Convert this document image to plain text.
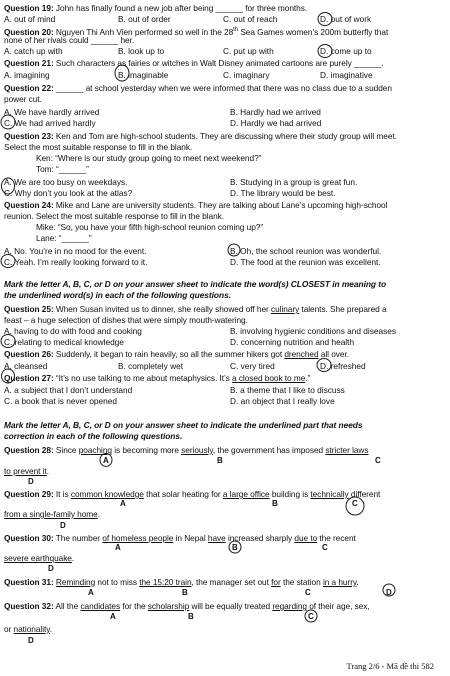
Question 19: John has finally found a new job after being ______ for three months.
A. out of mind	B. out of order	C. out of reach	D. out of work
Question 20: Nguyen Thi Anh Vien performed so well in the 28th Sea Games women’s 200m butterfly that
none of her rivals could ______ her.
A. catch up with	B. look up to	C. put up with	D. come up to
Question 21: Such characters as fairies or witches in Walt Disney animated cartoons are purely ______.
A. imagining	B. imaginable	C. imaginary	D. imaginative
Question 22: ______ at school yesterday when we were informed that there was no class due to a sudden
power cut.
A. We have hardly arrived	B. Hardly had we arrived
C. We had arrived hardly	D. Hardly we had arrived
Question 23: Ken and Tom are high-school students. They are discussing where their study group will meet.
Select the most suitable response to fill in the blank.
Ken: “Where is our study group going to meet next weekend?”
Tom: “______”
A. We are too busy on weekdays.	B. Studying in a group is great fun.
C. Why don’t you look at the atlas?	D. The library would be best.
Question 24: Mike and Lane are university students. They are talking about Lane’s upcoming high-school
reunion. Select the most suitable response to fill in the blank.
Mike: “So, you have your fifth high-school reunion coming up?”
Lane: “______”
A. No. You’re in no mood for the event.	B. Oh, the school reunion was wonderful.
C. Yeah. I’m really looking forward to it.	D. The food at the reunion was excellent.
Mark the letter A, B, C, or D on your answer sheet to indicate the word(s) CLOSEST in meaning to
the underlined word(s) in each of the following questions.
Question 25: When Susan invited us to dinner, she really showed off her culinary talents. She prepared a
feast – a huge selection of dishes that were simply mouth-watering.
A. having to do with food and cooking	B. involving hygienic conditions and diseases
C. relating to medical knowledge	D. concerning nutrition and health
Question 26: Suddenly, it began to rain heavily, so all the summer hikers got drenched all over.
A. cleansed	B. completely wet	C. very tired	D. refreshed
Question 27: “It’s no use talking to me about metaphysics. It’s a closed book to me.”
A. a subject that I don’t understand	B. a theme that I like to discuss
C. a book that is never opened	D. an object that I really love
Mark the letter A, B, C, or D on your answer sheet to indicate the underlined part that needs
correction in each of the following questions.
Question 28: Since poaching is becoming more seriously, the government has imposed stricter laws
A	B	C
to prevent it.
D
Question 29: It is common knowledge that solar heating for a large office building is technically different
A	B	C
from a single-family home.
D
Question 30: The number of homeless people in Nepal have increased sharply due to the recent
A	B	C
severe earthquake.
D
Question 31: Reminding not to miss the 15:20 train, the manager set out for the station in a hurry.
A	B	C	D
Question 32: All the candidates for the scholarship will be equally treated regarding of their age, sex,
A	B	C
or nationality.
D
Trang 2/6 - Mã đề thi 582
